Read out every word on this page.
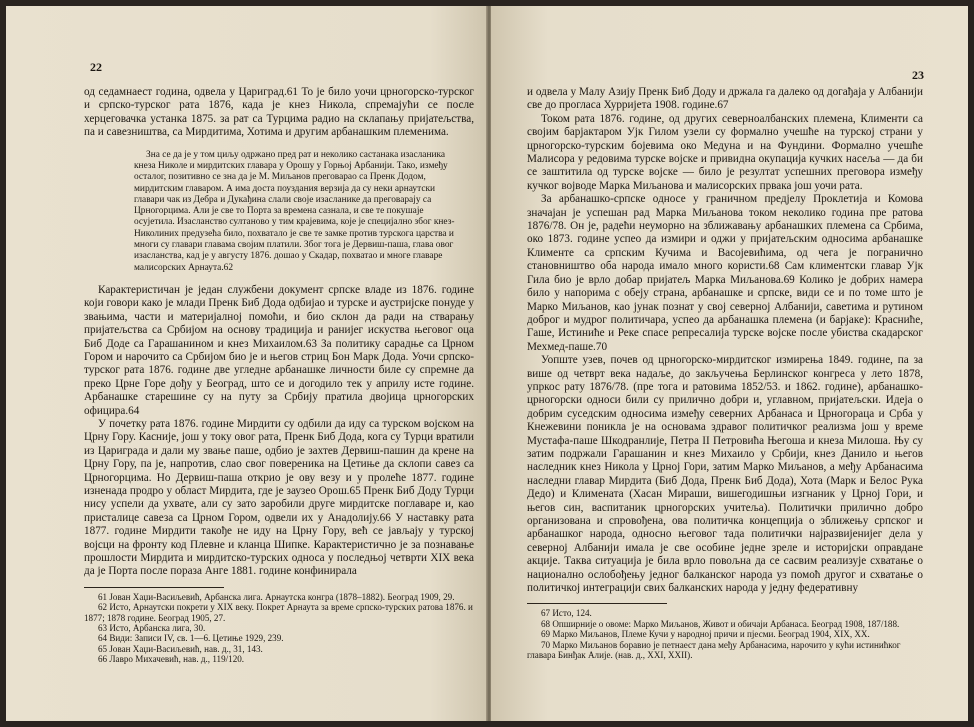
22

од седамнаест година, одвела у Цариград.61 То је било уочи црногорско-турског и српско-турског рата 1876, када је кнез Никола, спремајући се после херцеговачка устанка 1875. за рат са Турцима радио на склапању пријатељства, па и савезништва, са Мирдитима, Хотима и другим арбанашким племенима.

Зна се да је у том циљу одржано пред рат и неколико састанака изасланика кнеза Николе и мирдитских главара у Орошу у Горњој Арбанији. Тако, између осталог, позитивно се зна да је М. Миљанов преговарао са Пренк Додом, мирдитским главаром. А има доста поуздания верзија да су неки арнаутски главари чак из Дебра и Дукађина слали своје изасланике да преговарају са Црногорцима. Али је све то Порта за времена сазнала, и све те покушаје осујетила. Изасланство султаново у тим крајевима, које је специјално због кнез-Николиних предузећа било, похватало је све те замке против турскога царства и многи су главари главама својим платили. Због тога је Дервиш-паша, глава овог изасланства, кад је у августу 1876. дошао у Скадар, похватао и многе главаре малисорских Арнаута.62

Карактеристичан је један службени документ српске владе из 1876. године који говори како је млади Пренк Биб Дода одбијао и турске и аустријске понуде у звањима, части и материјалној помоћи, и био склон да ради на стварању пријатељства са Србијом на основу традиција и ранијег искуства његовог оца Биб Доде са Гарашанином и кнез Михаилом.63 За политику сарадње са Црном Гором и нарочито са Србијом био је и његов стриц Бон Марк Дода. Уочи српско-турског рата 1876. године две угледне арбанашке личности биле су спремне да преко Црне Горе дођу у Београд, што се и догодило тек у априлу исте године. Арбанашке старешине су на путу за Србију пратила двојица црногорских официра.64

У почетку рата 1876. године Мирдити су одбили да иду са турском војском на Црну Гору. Касније, још у току овог рата, Пренк Биб Дода, кога су Турци вратили из Цариграда и дали му звање паше, одбио је захтев Дервиш-пашин да крене на Црну Гору, па је, напротив, слао свог повереника на Цетиње да склопи савез са Црногорцима. Но Дервиш-паша открио је ову везу и у пролеће 1877. године изненада продро у област Мирдита, где је заузео Орош.65 Пренк Биб Доду Турци нису успели да ухвате, али су зато заробили друге мирдитске поглаваре и, као присталице савеза са Црном Гором, одвели их у Анадолију.66 У наставку рата 1877. године Мирдити такође не иду на Црну Гору, већ се јављају у турској војсци на фронту код Плевне и кланца Шипке. Карактеристично је за познавање прошлости Мирдита и мирдитско-турских односа у последњој четврти XIX века да је Порта после пораза Анге 1881. године конфинирала

61 Јован Хаџи-Васиљевић, Арбанска лига. Арнаутска конгра (1878–1882). Београд 1909, 29.
62 Исто, Арнаутски покрети у XIX веку. Покрет Арнаута за време српско-турских ратова 1876. и 1877; 1878 године. Београд 1905, 27.
63 Исто, Арбанска лига, 30.
64 Види: Записи IV, св. 1—6. Цетиње 1929, 239.
65 Јован Хаџи-Васиљевић, нав. д., 31, 143.
66 Лаврo Михачевић, нав. д., 119/120.
23

и одвела у Малу Азију Пренк Биб Доду и држала га далеко од догађаја у Албанији све до прогласа Хурријета 1908. године.67

Током рата 1876. године, од других северноалбанских племена, Клименти са својим барјактаром Ујк Гилом узели су формално учешће на турској страни у црногорско-турским бојевима око Медуна и на Фундини. Формално учешће Малисора у редовима турске војске и привидна окупација кучких насеља — да би се заштитила од турске војске — било је резултат успешних преговора између кучког војводе Марка Миљанова и малисорских првака још уочи рата.

За арбанашко-српске односе у граничном предјелу Проклетија и Комова значајан је успешан рад Марка Миљанова током неколико година пре ратова 1876/78. Он је, радећи неуморно на зближавању арбанашких племена са Србима, око 1873. године успео да измири и оджи у пријатељским односима арбанашке Клименте са српским Кучима и Васојевићима, од чега је погранично становништво оба народа имало много користи.68 Сам климентски главар Ујк Гила био је врло добар пријатељ Марка Миљанова.69 Колико је добрих намера било у напорима с обеју страна, арбанашке и српске, види се и по томе што је Марко Миљанов, као јунак познат у свој северној Албанији, саветима и рутином доброг и мудрог политичара, успео да арбанашка племена (и барјаке): Красниће, Гаше, Истиниће и Реке спасе репресалија турске војске после убиства скадарског Мехмед-паше.70

Уопште узев, почев од црногорско-мирдитског измирења 1849. године, па за више од четврт века надаље, до закључења Берлинског конгреса у лето 1878, упркос рату 1876/78. (пре тога и ратовима 1852/53. и 1862. године), арбанашко-црногорски односи били су прилично добри и, углавном, пријатељски. Идеја о добрим суседским односима између северних Арбанаса и Црногораца и Срба у Кнежевини поникла је на основама здравог политичког реализма још у време Мустафа-паше Шкодранлије, Петра II Петровића Његоша и кнеза Милоша. Њу су затим подржали Гарашанин и кнез Михаило у Србији, кнез Данило и његов наследник кнез Никола у Црној Гори, затим Марко Миљанов, а међу Арбанасима наследни главар Мирдита (Биб Дода, Пренк Биб Дода), Хота (Марк и Белос Рука Дедо) и Климената (Хасан Мираши, вишегодишњи изгнаник у Црној Гори, и његов син, васпитаник црногорских учитеља). Политички прилично добро организована и спровођена, ова политичка концепција о зближењу српског и арбанашког народа, односно његовог тада политички најразвијенијег дела у северној Албанији имала је све особине једне зреле и историјски оправдане акције. Таква ситуација је била врло повољна да се сасвим реализује схватање о национално ослобођењу једног балканског народа уз помоћ другог и схватање о политичкој интеграцији свих балканских народа у једну федеративну

67 Исто, 124.
68 Опширније о овоме: Марко Миљанов, Живот и обичаји Арбанаса. Београд 1908, 187/188.
69 Марко Миљанов, Племе Кучи у народној причи и пјесми. Београд 1904, XIX, XX.
70 Марко Миљанов боравио је петнаест дана међу Арбанасима, нарочито у кући истинићког главара Бинђак Алије. (нав. д., XXI, XXII).
